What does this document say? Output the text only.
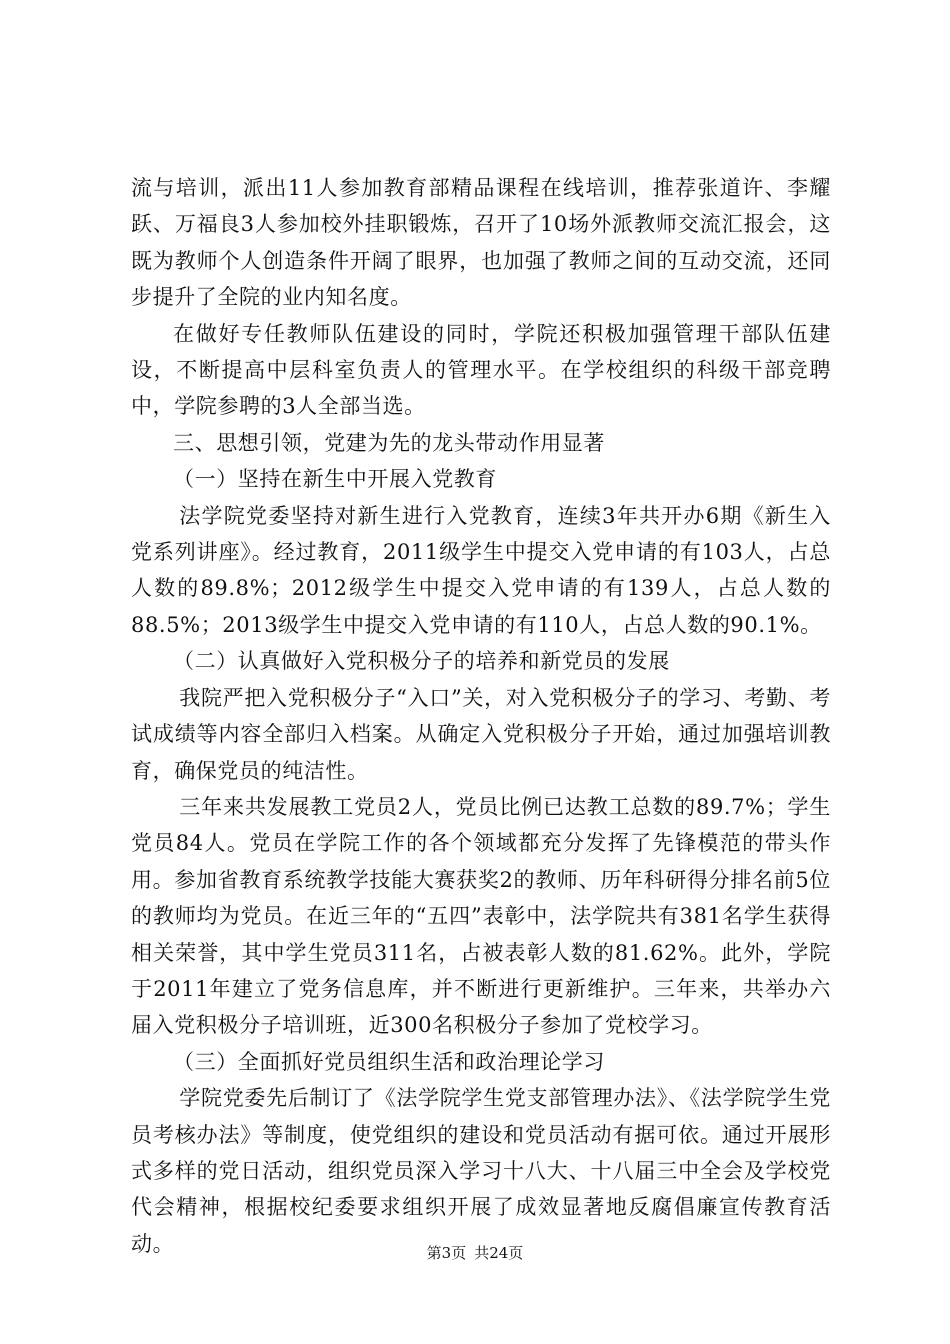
流与培训，派出11人参加教育部精品课程在线培训，推荐张道许、李耀跃、万福良3人参加校外挂职锻炼，召开了10场外派教师交流汇报会，这既为教师个人创造条件开阔了眼界，也加强了教师之间的互动交流，还同步提升了全院的业内知名度。

在做好专任教师队伍建设的同时，学院还积极加强管理干部队伍建设，不断提高中层科室负责人的管理水平。在学校组织的科级干部竞聘中，学院参聘的3人全部当选。

三、思想引领，党建为先的龙头带动作用显著

（一）坚持在新生中开展入党教育

法学院党委坚持对新生进行入党教育，连续3年共开办6期《新生入党系列讲座》。经过教育，2011级学生中提交入党申请的有103人，占总人数的89.8%；2012级学生中提交入党申请的有139人，占总人数的88.5%；2013级学生中提交入党申请的有110人，占总人数的90.1%。

（二）认真做好入党积极分子的培养和新党员的发展

我院严把入党积极分子“入口”关，对入党积极分子的学习、考勤、考试成绩等内容全部归入档案。从确定入党积极分子开始，通过加强培训教育，确保党员的纯洁性。

三年来共发展教工党员2人，党员比例已达教工总数的89.7%；学生党员84人。党员在学院工作的各个领域都充分发挥了先锋模范的带头作用。参加省教育系统教学技能大赛获奖2的教师、历年科研得分排名前5位的教师均为党员。在近三年的“五四”表彰中，法学院共有381名学生获得相关荣誉，其中学生党员311名，占被表彰人数的81.62%。此外，学院于2011年建立了党务信息库，并不断进行更新维护。三年来，共举办六届入党积极分子培训班，近300名积极分子参加了党校学习。

（三）全面抓好党员组织生活和政治理论学习

学院党委先后制订了《法学院学生党支部管理办法》、《法学院学生党员考核办法》等制度，使党组织的建设和党员活动有据可依。通过开展形式多样的党日活动，组织党员深入学习十八大、十八届三中全会及学校党代会精神，根据校纪委要求组织开展了成效显著地反腐倡廉宣传教育活动。	第3页 共24页
